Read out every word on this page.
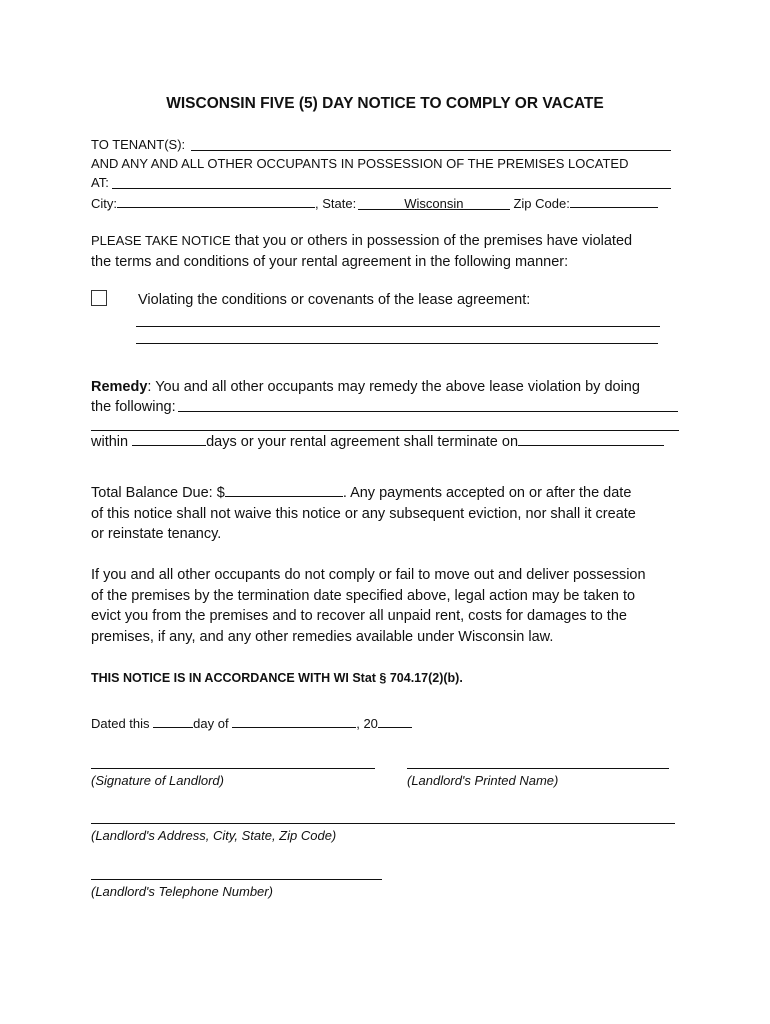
WISCONSIN FIVE (5) DAY NOTICE TO COMPLY OR VACATE
TO TENANT(S):
AND ANY AND ALL OTHER OCCUPANTS IN POSSESSION OF THE PREMISES LOCATED
AT:
City:	, State:	Wisconsin	Zip Code:
PLEASE TAKE NOTICE that you or others in possession of the premises have violated
the terms and conditions of your rental agreement in the following manner:
Violating the conditions or covenants of the lease agreement:
Remedy: You and all other occupants may remedy the above lease violation by doing
the following:
within	days or your rental agreement shall terminate on
Total Balance Due: $	. Any payments accepted on or after the date
of this notice shall not waive this notice or any subsequent eviction, nor shall it create
or reinstate tenancy.
If you and all other occupants do not comply or fail to move out and deliver possession
of the premises by the termination date specified above, legal action may be taken to
evict you from the premises and to recover all unpaid rent, costs for damages to the
premises, if any, and any other remedies available under Wisconsin law.
THIS NOTICE IS IN ACCORDANCE WITH WI Stat § 704.17(2)(b).
Dated this	day of	, 20
(Signature of Landlord)	(Landlord's Printed Name)
(Landlord's Address, City, State, Zip Code)
(Landlord's Telephone Number)
